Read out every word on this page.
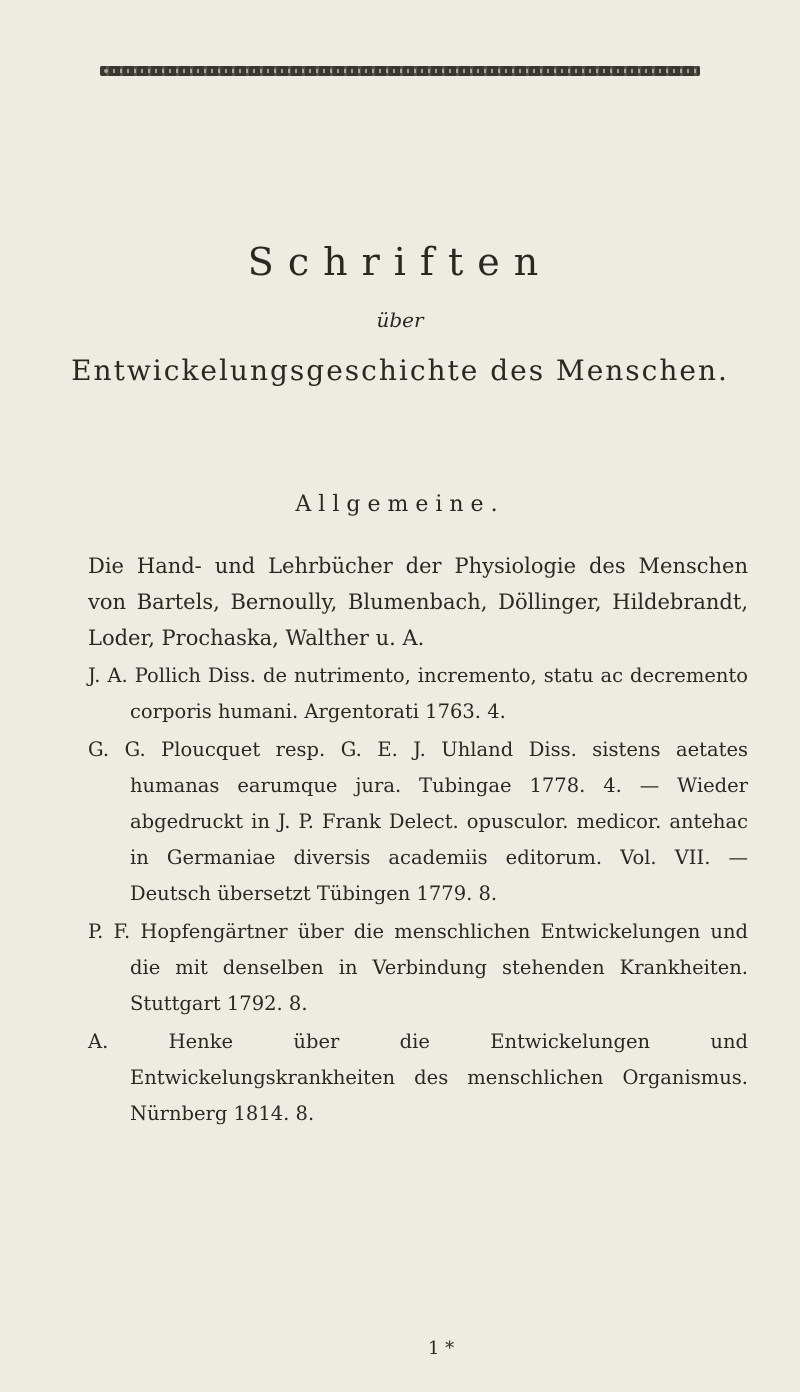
Schriften
über
Entwickelungsgeschichte des Menschen.
Allgemeine.

Die Hand- und Lehrbücher der Physiologie des Menschen von Bartels, Bernoully, Blumenbach, Döllinger, Hildebrandt, Loder, Prochaska, Walther u. A.

J. A. Pollich Diss. de nutrimento, incremento, statu ac decremento corporis humani. Argentorati 1763. 4.

G. G. Ploucquet resp. G. E. J. Uhland Diss. sistens aetates humanas earumque jura. Tubingae 1778. 4. — Wieder abgedruckt in J. P. Frank Delect. opusculor. medicor. antehac in Germaniae diversis academiis editorum. Vol. VII. — Deutsch übersetzt Tübingen 1779. 8.

P. F. Hopfengärtner über die menschlichen Entwickelungen und die mit denselben in Verbindung stehenden Krankheiten. Stuttgart 1792. 8.

A. Henke über die Entwickelungen und Entwickelungskrankheiten des menschlichen Organismus. Nürnberg 1814. 8.

1 *
